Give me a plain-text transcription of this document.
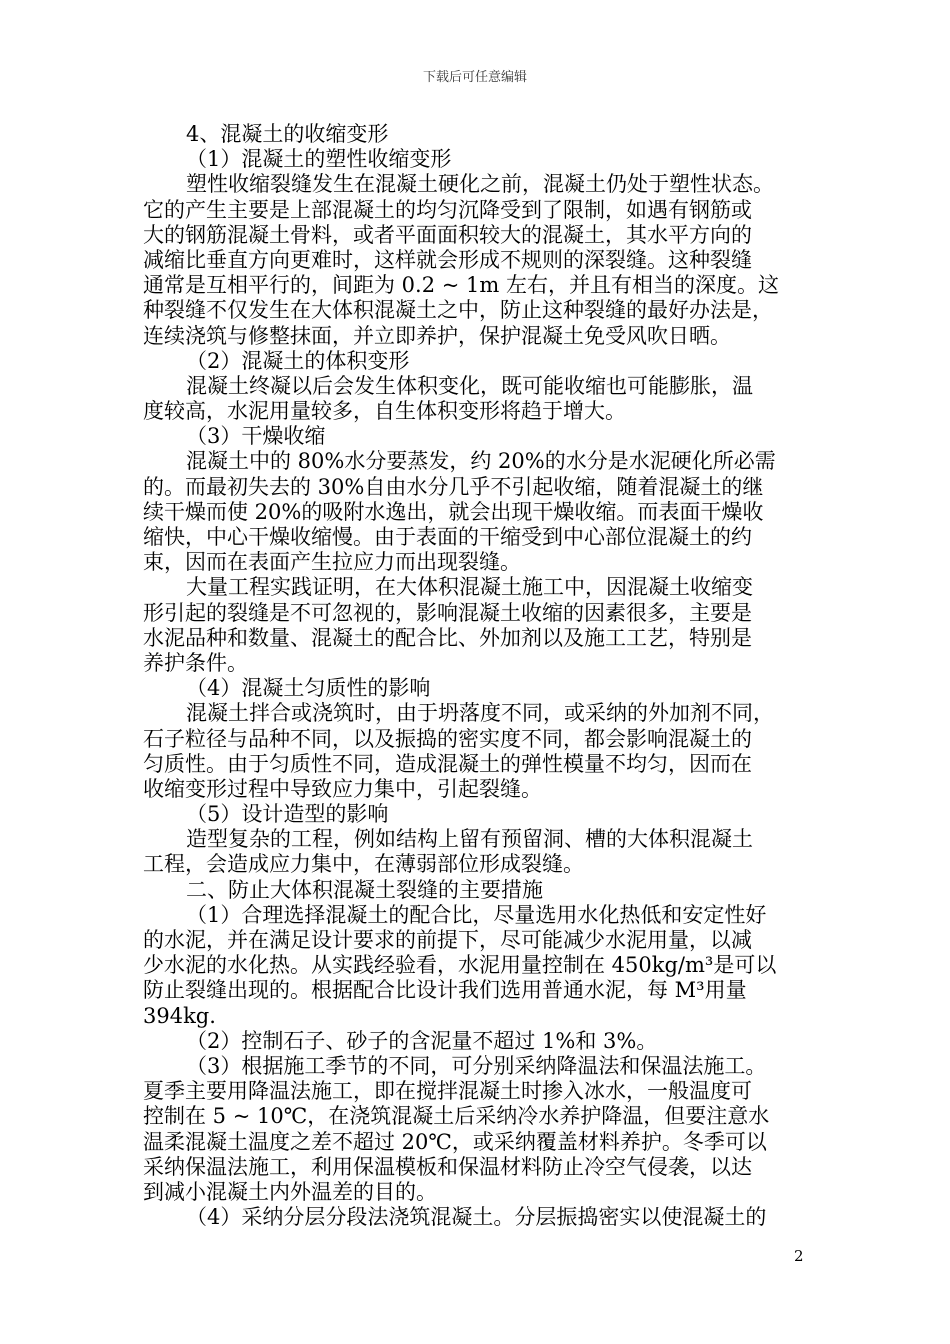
下载后可任意编辑
4、混凝土的收缩变形
（1）混凝土的塑性收缩变形
塑性收缩裂缝发生在混凝土硬化之前，混凝土仍处于塑性状态。
它的产生主要是上部混凝土的均匀沉降受到了限制，如遇有钢筋或
大的钢筋混凝土骨料，或者平面面积较大的混凝土，其水平方向的
减缩比垂直方向更难时，这样就会形成不规则的深裂缝。这种裂缝
通常是互相平行的，间距为 0.2 ~ 1m 左右，并且有相当的深度。这
种裂缝不仅发生在大体积混凝土之中，防止这种裂缝的最好办法是，
连续浇筑与修整抹面，并立即养护，保护混凝土免受风吹日晒。
（2）混凝土的体积变形
混凝土终凝以后会发生体积变化，既可能收缩也可能膨胀，温
度较高，水泥用量较多，自生体积变形将趋于增大。
（3）干燥收缩
混凝土中的 80%水分要蒸发，约 20%的水分是水泥硬化所必需
的。而最初失去的 30%自由水分几乎不引起收缩，随着混凝土的继
续干燥而使 20%的吸附水逸出，就会出现干燥收缩。而表面干燥收
缩快，中心干燥收缩慢。由于表面的干缩受到中心部位混凝土的约
束，因而在表面产生拉应力而出现裂缝。
大量工程实践证明，在大体积混凝土施工中，因混凝土收缩变
形引起的裂缝是不可忽视的，影响混凝土收缩的因素很多，主要是
水泥品种和数量、混凝土的配合比、外加剂以及施工工艺，特别是
养护条件。
（4）混凝土匀质性的影响
混凝土拌合或浇筑时，由于坍落度不同，或采纳的外加剂不同，
石子粒径与品种不同，以及振捣的密实度不同，都会影响混凝土的
匀质性。由于匀质性不同，造成混凝土的弹性模量不均匀，因而在
收缩变形过程中导致应力集中，引起裂缝。
（5）设计造型的影响
造型复杂的工程，例如结构上留有预留洞、槽的大体积混凝土
工程，会造成应力集中，在薄弱部位形成裂缝。
二、防止大体积混凝土裂缝的主要措施
（1）合理选择混凝土的配合比，尽量选用水化热低和安定性好
的水泥，并在满足设计要求的前提下，尽可能减少水泥用量，以减
少水泥的水化热。从实践经验看，水泥用量控制在 450kg/m³是可以
防止裂缝出现的。根据配合比设计我们选用普通水泥，每 M³用量
394kg.
（2）控制石子、砂子的含泥量不超过 1%和 3%。
（3）根据施工季节的不同，可分别采纳降温法和保温法施工。
夏季主要用降温法施工，即在搅拌混凝土时掺入冰水，一般温度可
控制在 5 ~ 10℃，在浇筑混凝土后采纳冷水养护降温，但要注意水
温柔混凝土温度之差不超过 20℃，或采纳覆盖材料养护。冬季可以
采纳保温法施工，利用保温模板和保温材料防止冷空气侵袭，以达
到减小混凝土内外温差的目的。
（4）采纳分层分段法浇筑混凝土。分层振捣密实以使混凝土的
2
